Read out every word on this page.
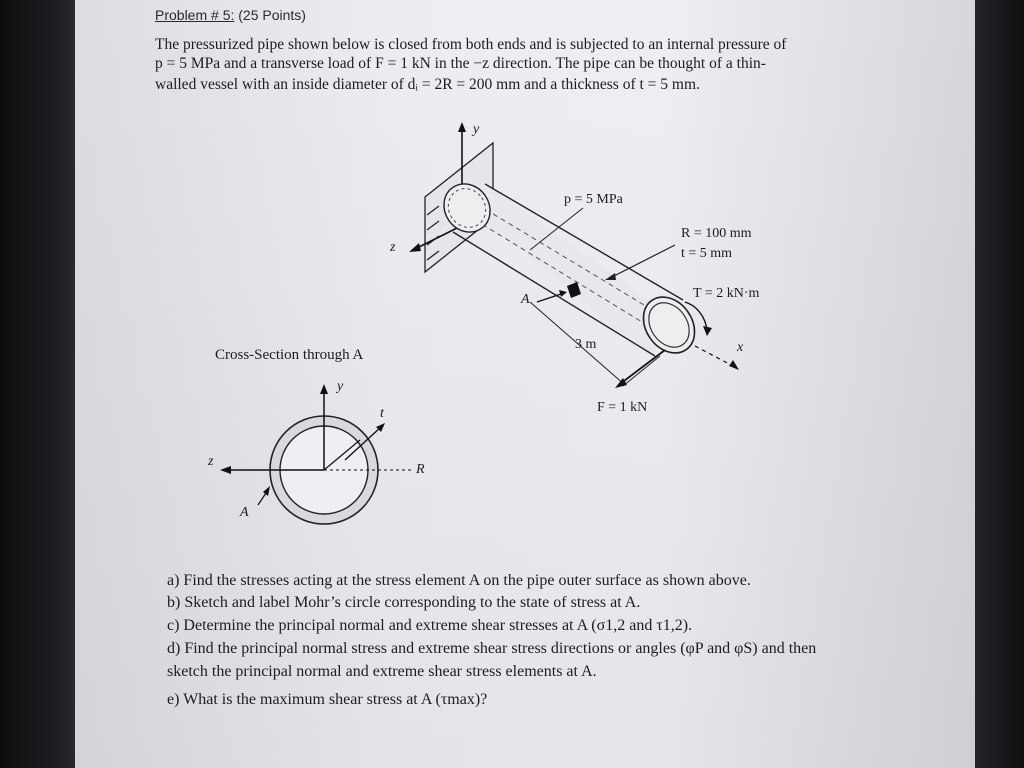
Problem # 5: (25 Points)
The pressurized pipe shown below is closed from both ends and is subjected to an internal pressure of
p = 5 MPa and a transverse load of F = 1 kN in the −z direction. The pipe can be thought of a thin-
walled vessel with an inside diameter of dᵢ = 2R = 200 mm and a thickness of t = 5 mm.
y
z
x
p = 5 MPa
R = 100 mm
t = 5 mm
T = 2 kN·m
A
3 m
F = 1 kN
Cross-Section through A
y
z
t
R
A
a) Find the stresses acting at the stress element A on the pipe outer surface as shown above.
b) Sketch and label Mohr’s circle corresponding to the state of stress at A.
c) Determine the principal normal and extreme shear stresses at A (σ1,2 and τ1,2).
d) Find the principal normal stress and extreme shear stress directions or angles (φP and φS) and then
sketch the principal normal and extreme shear stress elements at A.
e) What is the maximum shear stress at A (τmax)?
